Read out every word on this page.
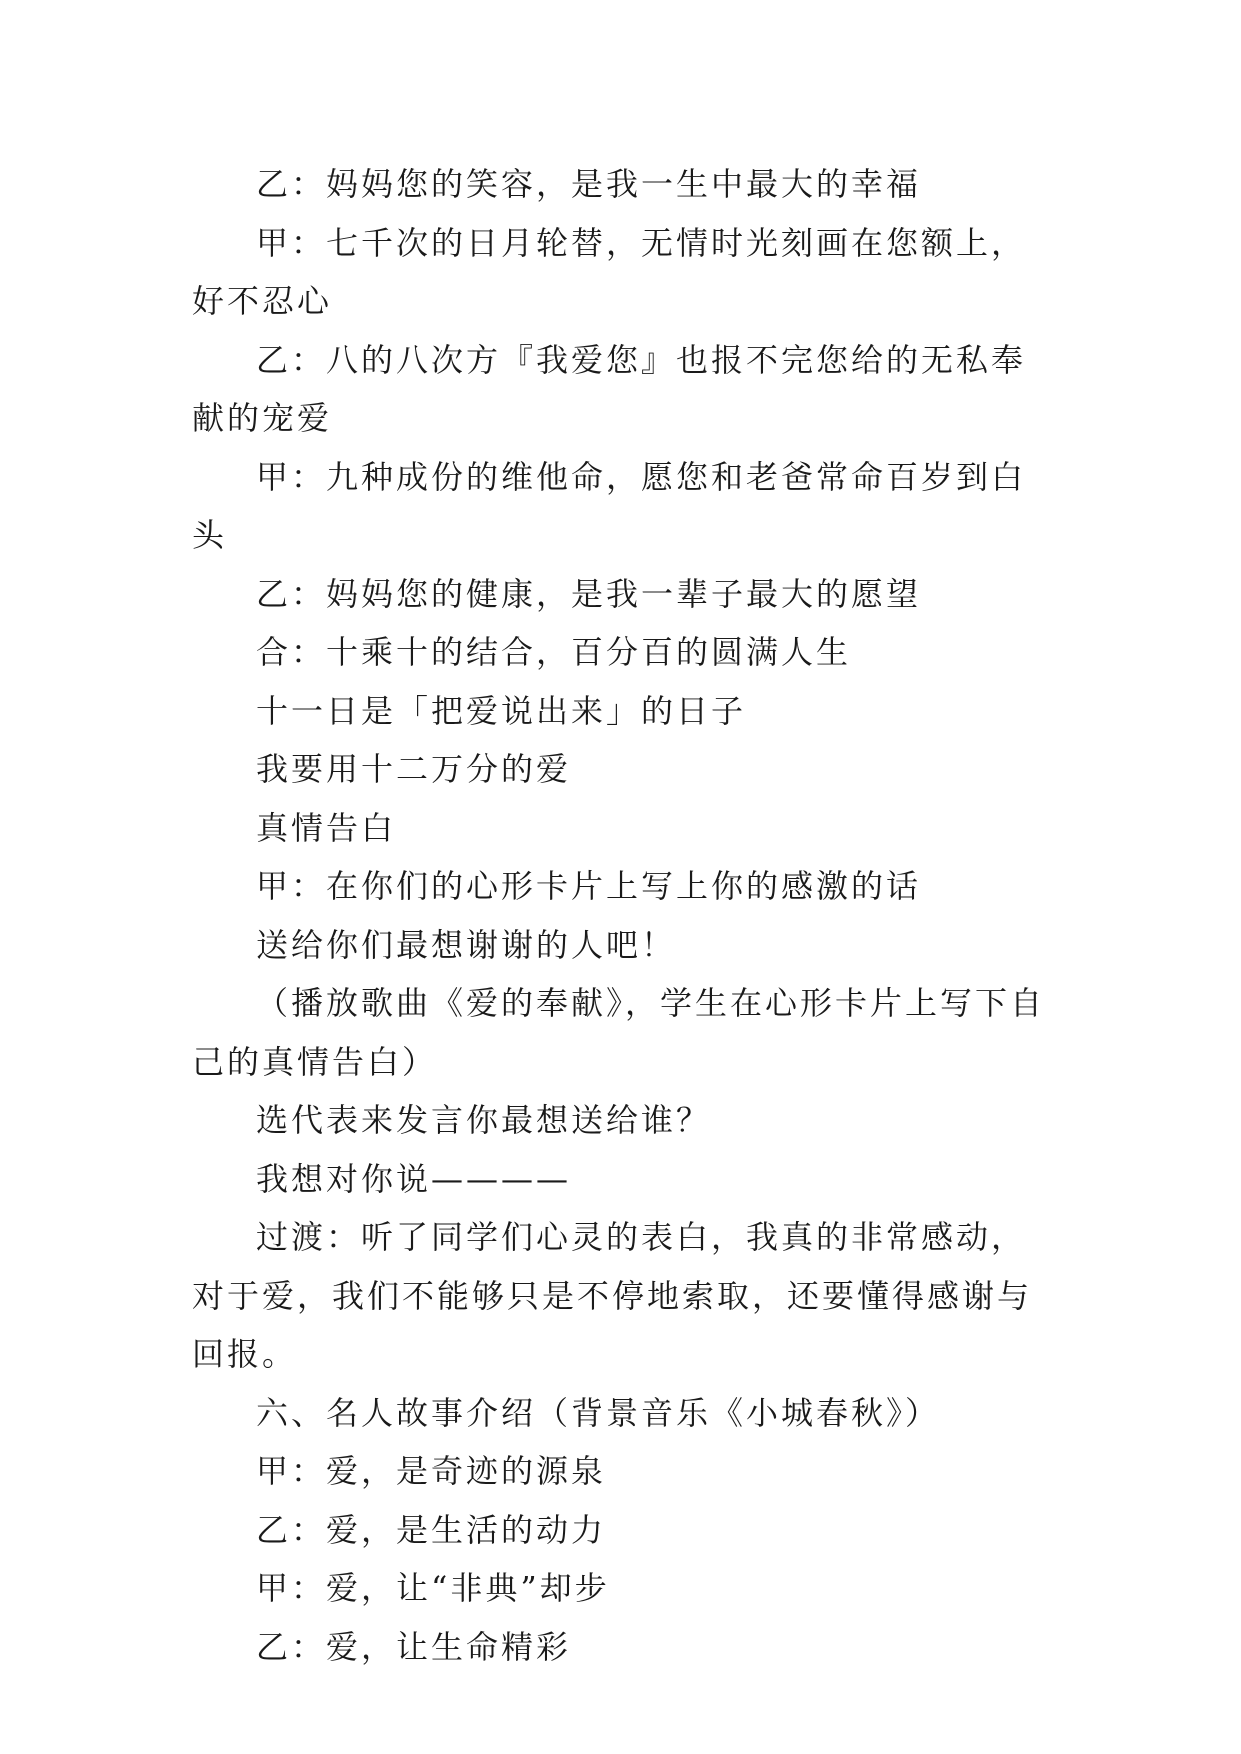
乙：妈妈您的笑容，是我一生中最大的幸福

甲：七千次的日月轮替，无情时光刻画在您额上，好不忍心

乙：八的八次方『我爱您』也报不完您给的无私奉献的宠爱

甲：九种成份的维他命，愿您和老爸常命百岁到白头

乙：妈妈您的健康，是我一辈子最大的愿望

合：十乘十的结合，百分百的圆满人生

十一日是「把爱说出来」的日子

我要用十二万分的爱

真情告白

甲：在你们的心形卡片上写上你的感激的话

送给你们最想谢谢的人吧！

（播放歌曲《爱的奉献》，学生在心形卡片上写下自己的真情告白）

选代表来发言你最想送给谁？

我想对你说————

过渡：听了同学们心灵的表白，我真的非常感动，对于爱，我们不能够只是不停地索取，还要懂得感谢与回报。

六、名人故事介绍（背景音乐《小城春秋》）

甲：爱，是奇迹的源泉

乙：爱，是生活的动力

甲：爱，让“非典”却步

乙：爱，让生命精彩
